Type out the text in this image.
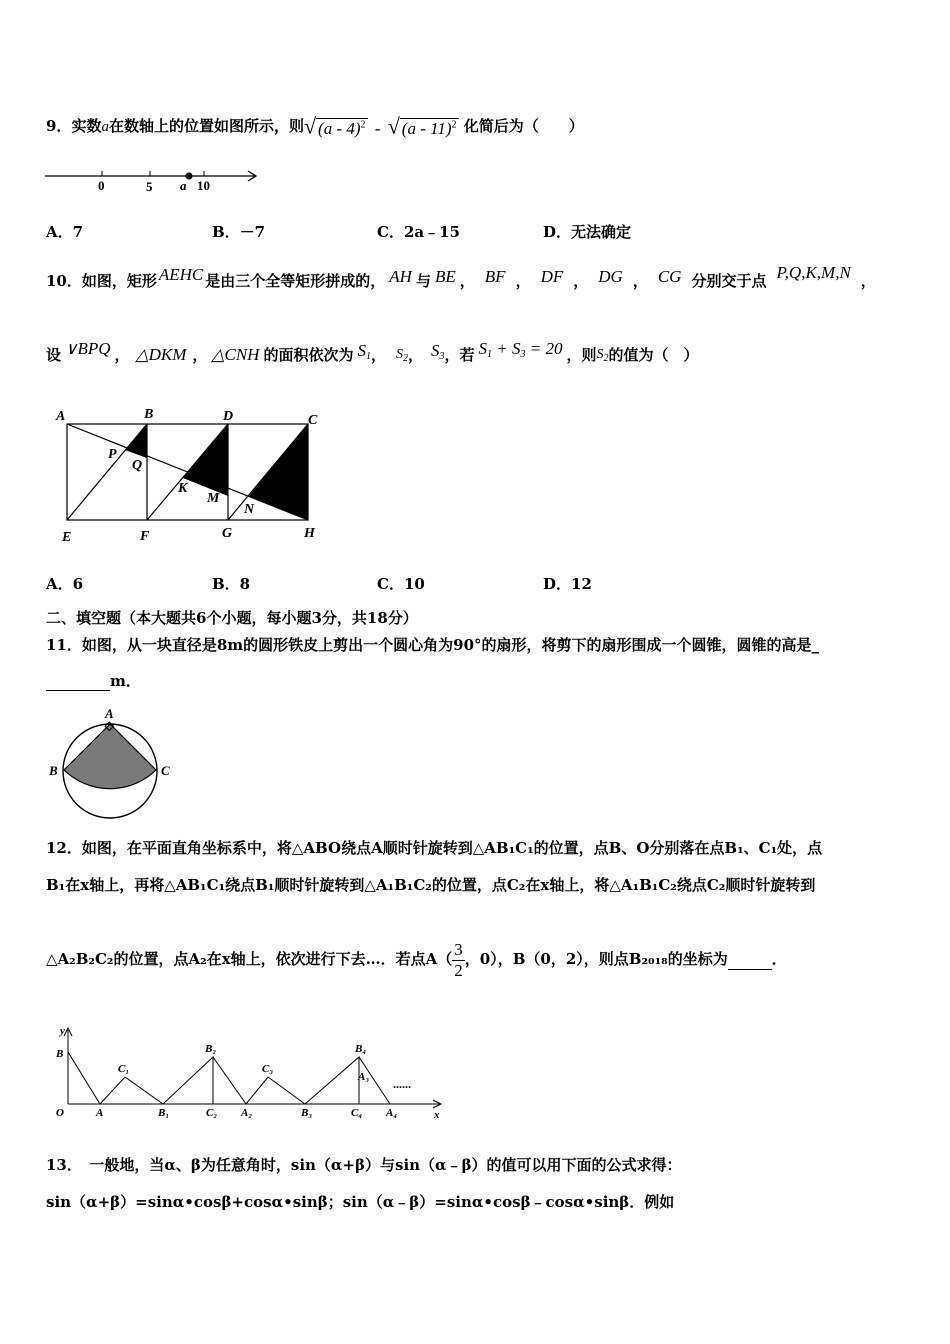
9．实数a在数轴上的位置如图所示，则√ (a - 4)$^2$ - √ (a - 11)$^2$ 化简后为（　　）
0	5 a 10
A．7	B．－7	C．2a﹣15	D．无法确定
10．如图，矩形 AEHC 是由三个全等矩形拼成的， AH 与 BE ， BF ， DF ， DG ， CG 分别交于点 P,Q,K,M,N ，
设 ∨BPQ ， △DKM ， △CNH 的面积依次为 $S_1$， $S_2$， $S_3$，若 $S_1 + S_3 = 20$ ，则$S_2$的值为（　）
A	B	D	C
P
Q
K
M
N
E	F	G	H
A．6	B．8	C．10	D．12
二、填空题（本大题共6个小题，每小题3分，共18分）
11．如图，从一块直径是8m的圆形铁皮上剪出一个圆心角为90°的扇形，将剪下的扇形围成一个圆锥，圆锥的高是_
m．
A
B	C
12．如图，在平面直角坐标系中，将△ABO绕点A顺时针旋转到△AB₁C₁的位置，点B、O分别落在点B₁、C₁处，点
B₁在x轴上，再将△AB₁C₁绕点B₁顺时针旋转到△A₁B₁C₂的位置，点C₂在x轴上，将△A₁B₁C₂绕点C₂顺时针旋转到
△A₂B₂C₂的位置，点A₂在x轴上，依次进行下去…．若点$A( \frac{3}{2}$ ，0），B（0，2），则点B₂₀₁₈的坐标为	．
y
B
O	A
C₁
B₁
B₂
C₂ A₂
C₃
B₃
B₄
A₃
C₄ A₄	x
......
13．　一般地，当α、β为任意角时，sin（α+β）与sin（α﹣β）的值可以用下面的公式求得：
sin（α+β）=sinα•cosβ+cosα•sinβ；sin（α﹣β）=sinα•cosβ﹣cosα•sinβ．例如
